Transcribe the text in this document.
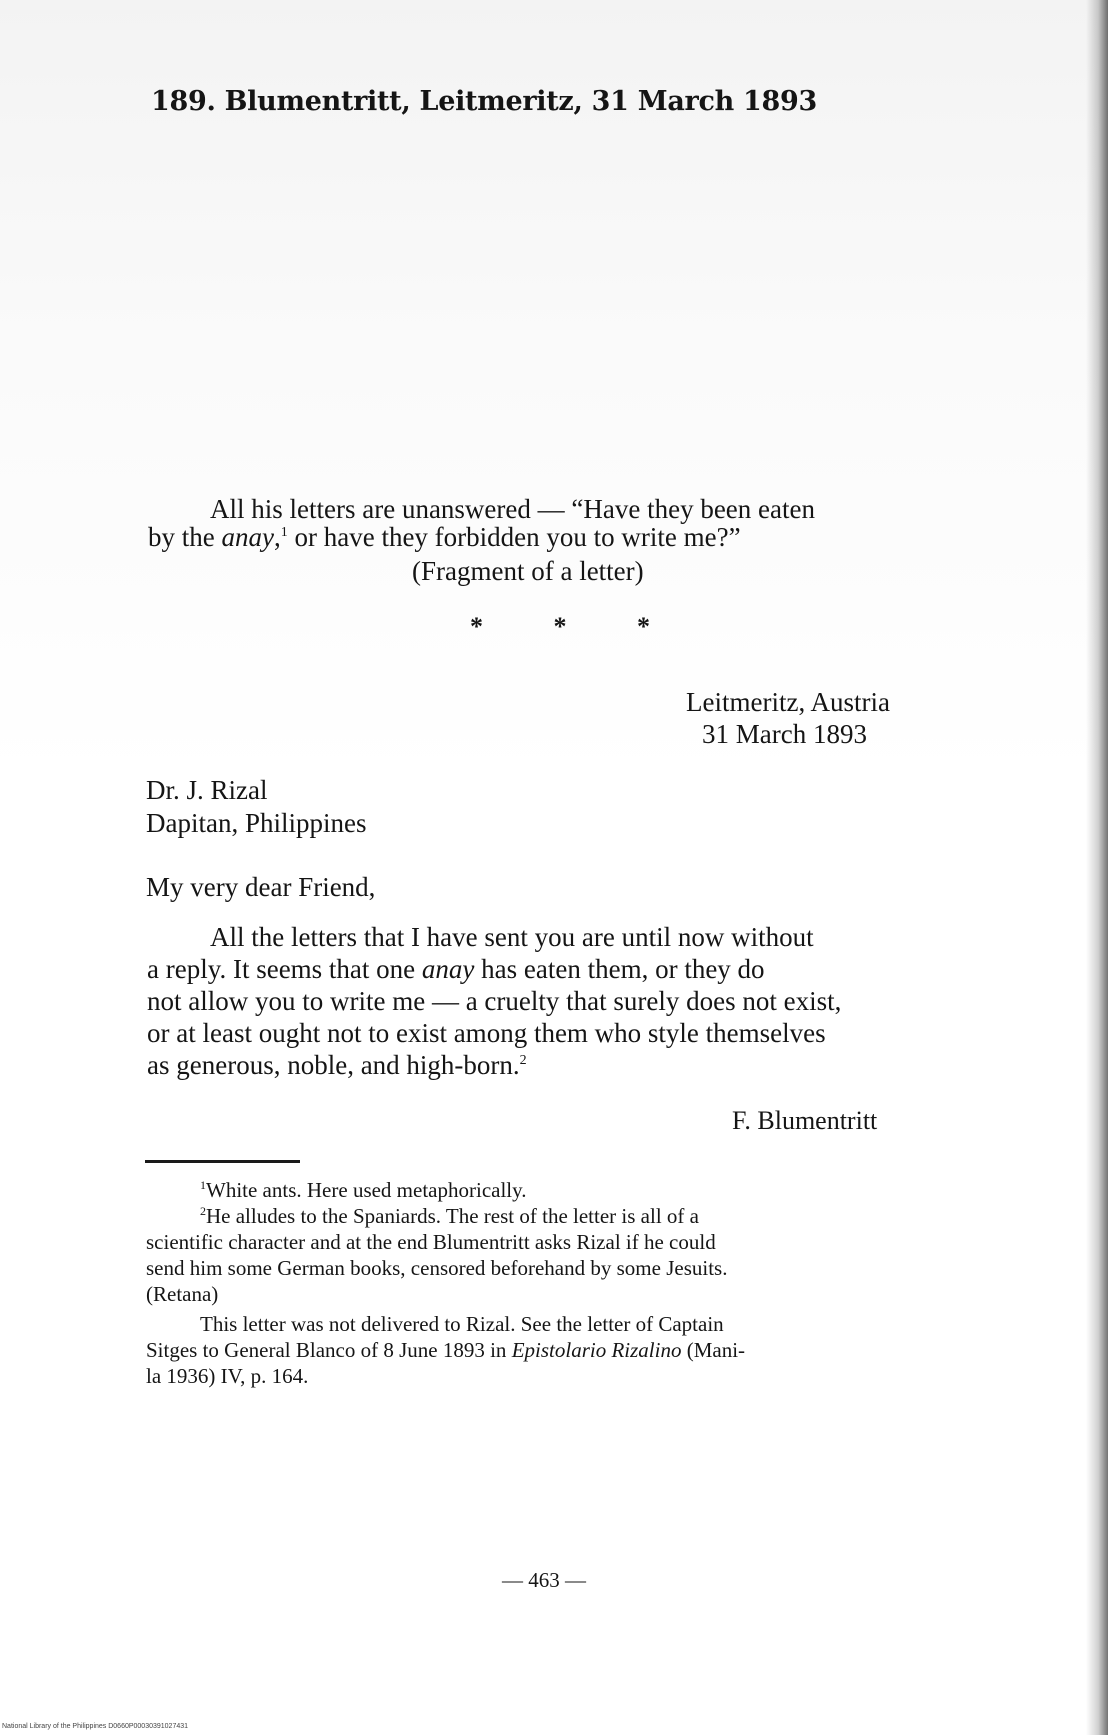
189. Blumentritt, Leitmeritz, 31 March 1893
All his letters are unanswered — “Have they been eaten
by the anay,$^1$ or have they forbidden you to write me?”
(Fragment of a letter)
*	*	*
Leitmeritz, Austria
31 March 1893
Dr. J. Rizal
Dapitan, Philippines
My very dear Friend,
All the letters that I have sent you are until now without
a reply. It seems that one anay has eaten them, or they do
not allow you to write me — a cruelty that surely does not exist,
or at least ought not to exist among them who style themselves
as generous, noble, and high-born.$^2$
F. Blumentritt
$^1$White ants. Here used metaphorically.
$^2$He alludes to the Spaniards. The rest of the letter is all of a
scientific character and at the end Blumentritt asks Rizal if he could
send him some German books, censored beforehand by some Jesuits.
(Retana)
This letter was not delivered to Rizal. See the letter of Captain
Sitges to General Blanco of 8 June 1893 in Epistolario Rizalino (Mani-
la 1936) IV, p. 164.
— 463 —
National Library of the Philippines D0660P00030391027431
